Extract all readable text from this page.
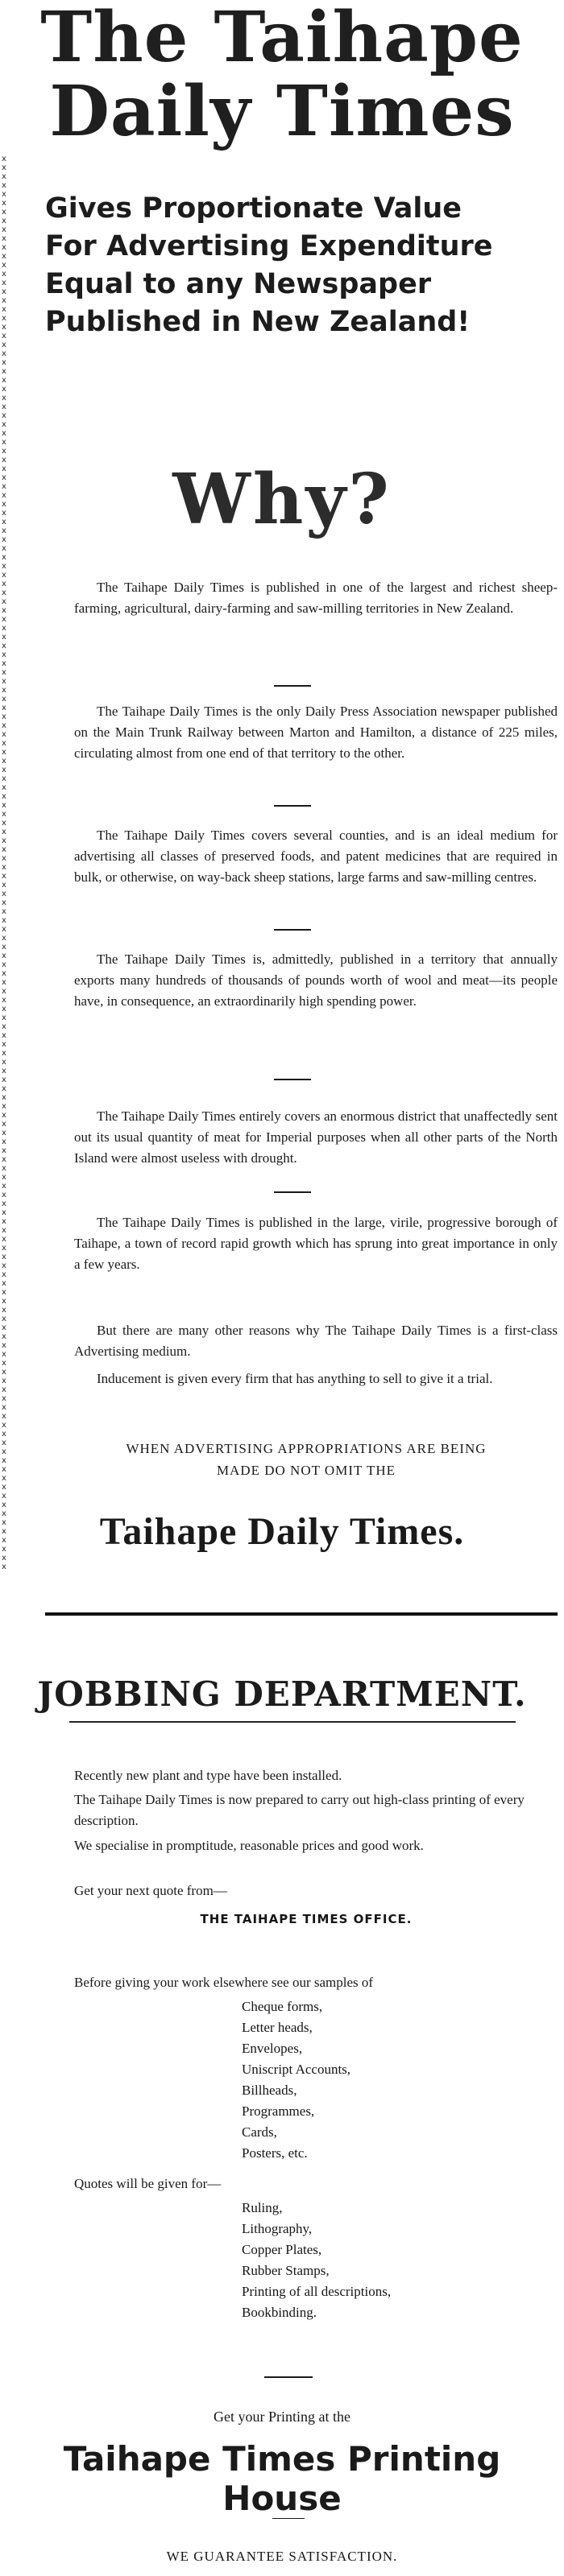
The Taihape
Daily Times
xxxxxxxxxxxxxxxxxxxxxxxxxxxxxxxxxxxxxxxxxxxxxxxxxxxxxxxxxxxxxxxxxxxxxxxxxxxxxxxxxxxxxxxxxxxxxxxxxxxxxxxxxxxxxxxxxxxxxxxxxxxxxxxxxxxxxxxxxxxxxxxxxxxxxxxxxxxxxxxx
Gives Proportionate Value
For Advertising Expenditure
Equal to any Newspaper
Published in New Zealand!
Why?

The Taihape Daily Times is published in one of the largest and richest sheep-farming, agricultural, dairy-farming and saw-milling territories in New Zealand.

The Taihape Daily Times is the only Daily Press Association newspaper published on the Main Trunk Railway between Marton and Hamilton, a distance of 225 miles, circulating almost from one end of that territory to the other.

The Taihape Daily Times covers several counties, and is an ideal medium for advertising all classes of preserved foods, and patent medicines that are required in bulk, or otherwise, on way-back sheep stations, large farms and saw-milling centres.

The Taihape Daily Times is, admittedly, published in a territory that annually exports many hundreds of thousands of pounds worth of wool and meat—its people have, in consequence, an extraordinarily high spending power.

The Taihape Daily Times entirely covers an enormous district that unaffectedly sent out its usual quantity of meat for Imperial purposes when all other parts of the North Island were almost useless with drought.

The Taihape Daily Times is published in the large, virile, progressive borough of Taihape, a town of record rapid growth which has sprung into great importance in only a few years.

But there are many other reasons why The Taihape Daily Times is a first-class Advertising medium.

Inducement is given every firm that has anything to sell to give it a trial.

WHEN ADVERTISING APPROPRIATIONS ARE BEING
MADE DO NOT OMIT THE
Taihape Daily Times.
JOBBING DEPARTMENT.
Recently new plant and type have been installed.
The Taihape Daily Times is now prepared to carry out high-class printing of every description.
We specialise in promptitude, reasonable prices and good work.
Get your next quote from—
THE TAIHAPE TIMES OFFICE.
Before giving your work elsewhere see our samples of
Cheque forms,
Letter heads,
Envelopes,
Uniscript Accounts,
Billheads,
Programmes,
Cards,
Posters, etc.
Quotes will be given for—
Ruling,
Lithography,
Copper Plates,
Rubber Stamps,
Printing of all descriptions,
Bookbinding.
Get your Printing at the
Taihape Times Printing House
WE GUARANTEE SATISFACTION.
